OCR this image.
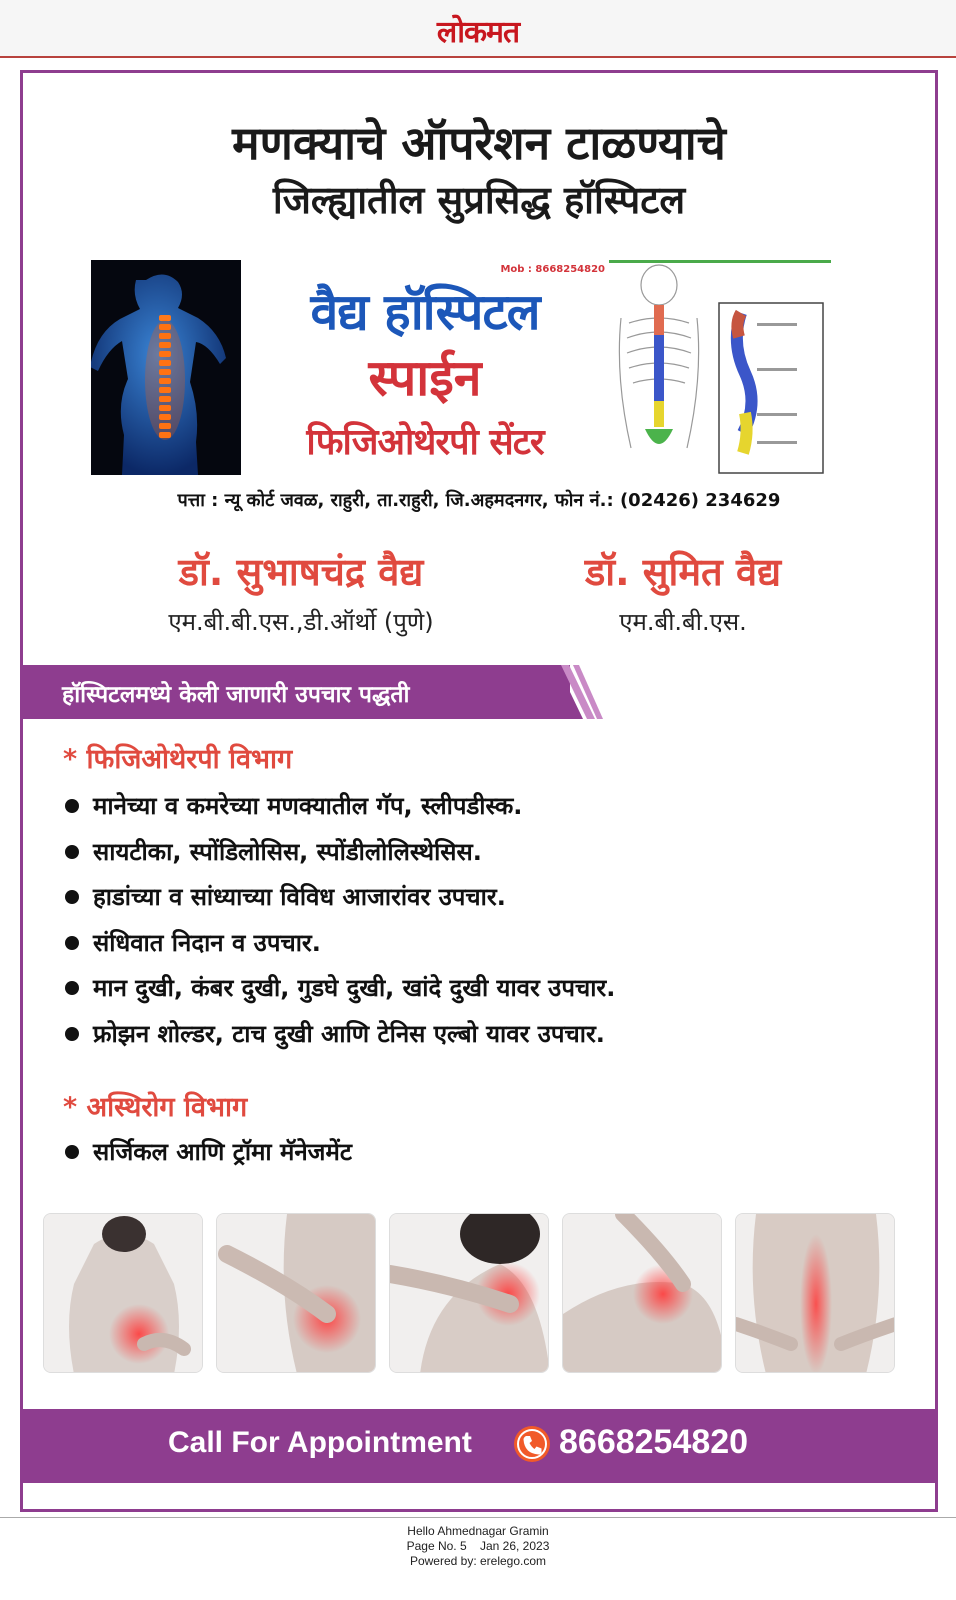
लोकमत
मणक्याचे ऑपरेशन टाळण्याचे
जिल्ह्यातील सुप्रसिद्ध हॉस्पिटल
Mob : 8668254820
वैद्य हॉस्पिटल
स्पाईन
फिजिओथेरपी सेंटर
पत्ता : न्यू कोर्ट जवळ, राहुरी, ता.राहुरी, जि.अहमदनगर, फोन नं.: (02426) 234629
डॉ. सुभाषचंद्र वैद्य
एम.बी.बी.एस.,डी.ऑर्थो (पुणे)
डॉ. सुमित वैद्य
एम.बी.बी.एस.
हॉस्पिटलमध्ये केली जाणारी उपचार पद्धती
* फिजिओथेरपी विभाग
मानेच्या व कमरेच्या मणक्यातील गॅप, स्लीपडीस्क.
सायटीका, स्पोंडिलोसिस, स्पोंडीलोलिस्थेसिस.
हाडांच्या व सांध्याच्या विविध आजारांवर उपचार.
संधिवात निदान व उपचार.
मान दुखी, कंबर दुखी, गुडघे दुखी, खांदे दुखी यावर उपचार.
फ्रोझन शोल्डर, टाच दुखी आणि टेनिस एल्बो यावर उपचार.
* अस्थिरोग विभाग
सर्जिकल आणि ट्रॉमा मॅनेजमेंट
Call For Appointment	8668254820
Hello Ahmednagar Gramin
Page No. 5    Jan 26, 2023
Powered by: erelego.com
